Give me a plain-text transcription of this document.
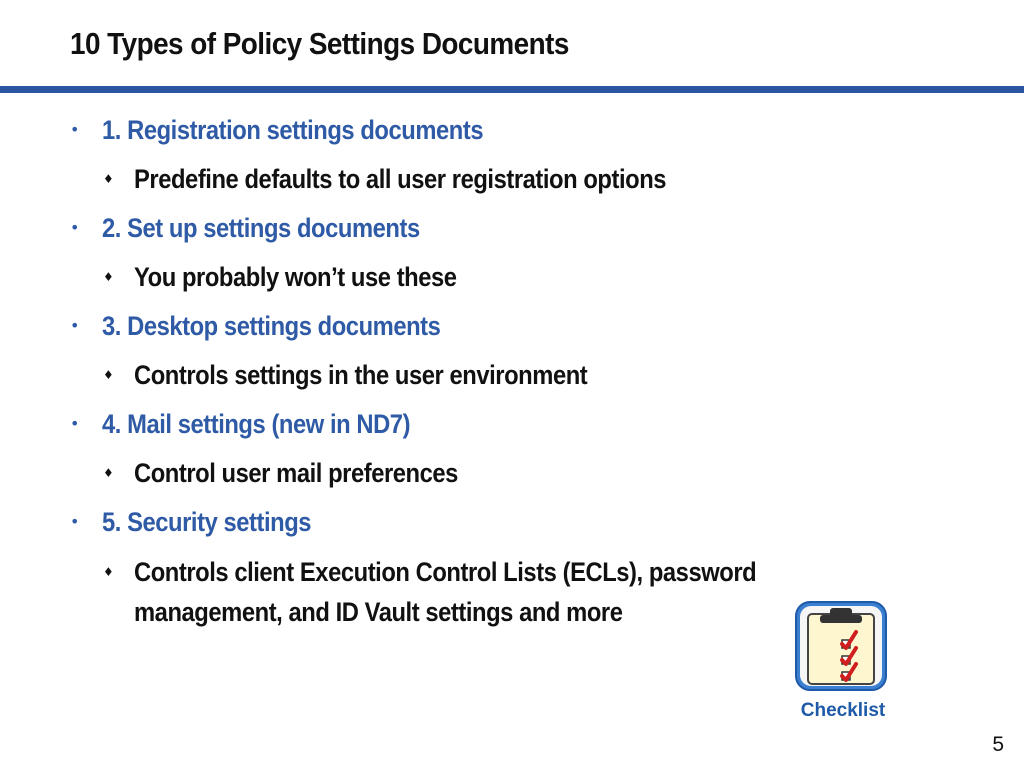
10 Types of Policy Settings Documents
• 1. Registration settings documents
♦ Predefine defaults to all user registration options
• 2. Set up settings documents
♦ You probably won’t use these
• 3. Desktop settings documents
♦ Controls settings in the user environment
• 4. Mail settings (new in ND7)
♦ Control user mail preferences
• 5. Security settings
♦ Controls client Execution Control Lists (ECLs), password
management, and ID Vault settings and more
Checklist
5
